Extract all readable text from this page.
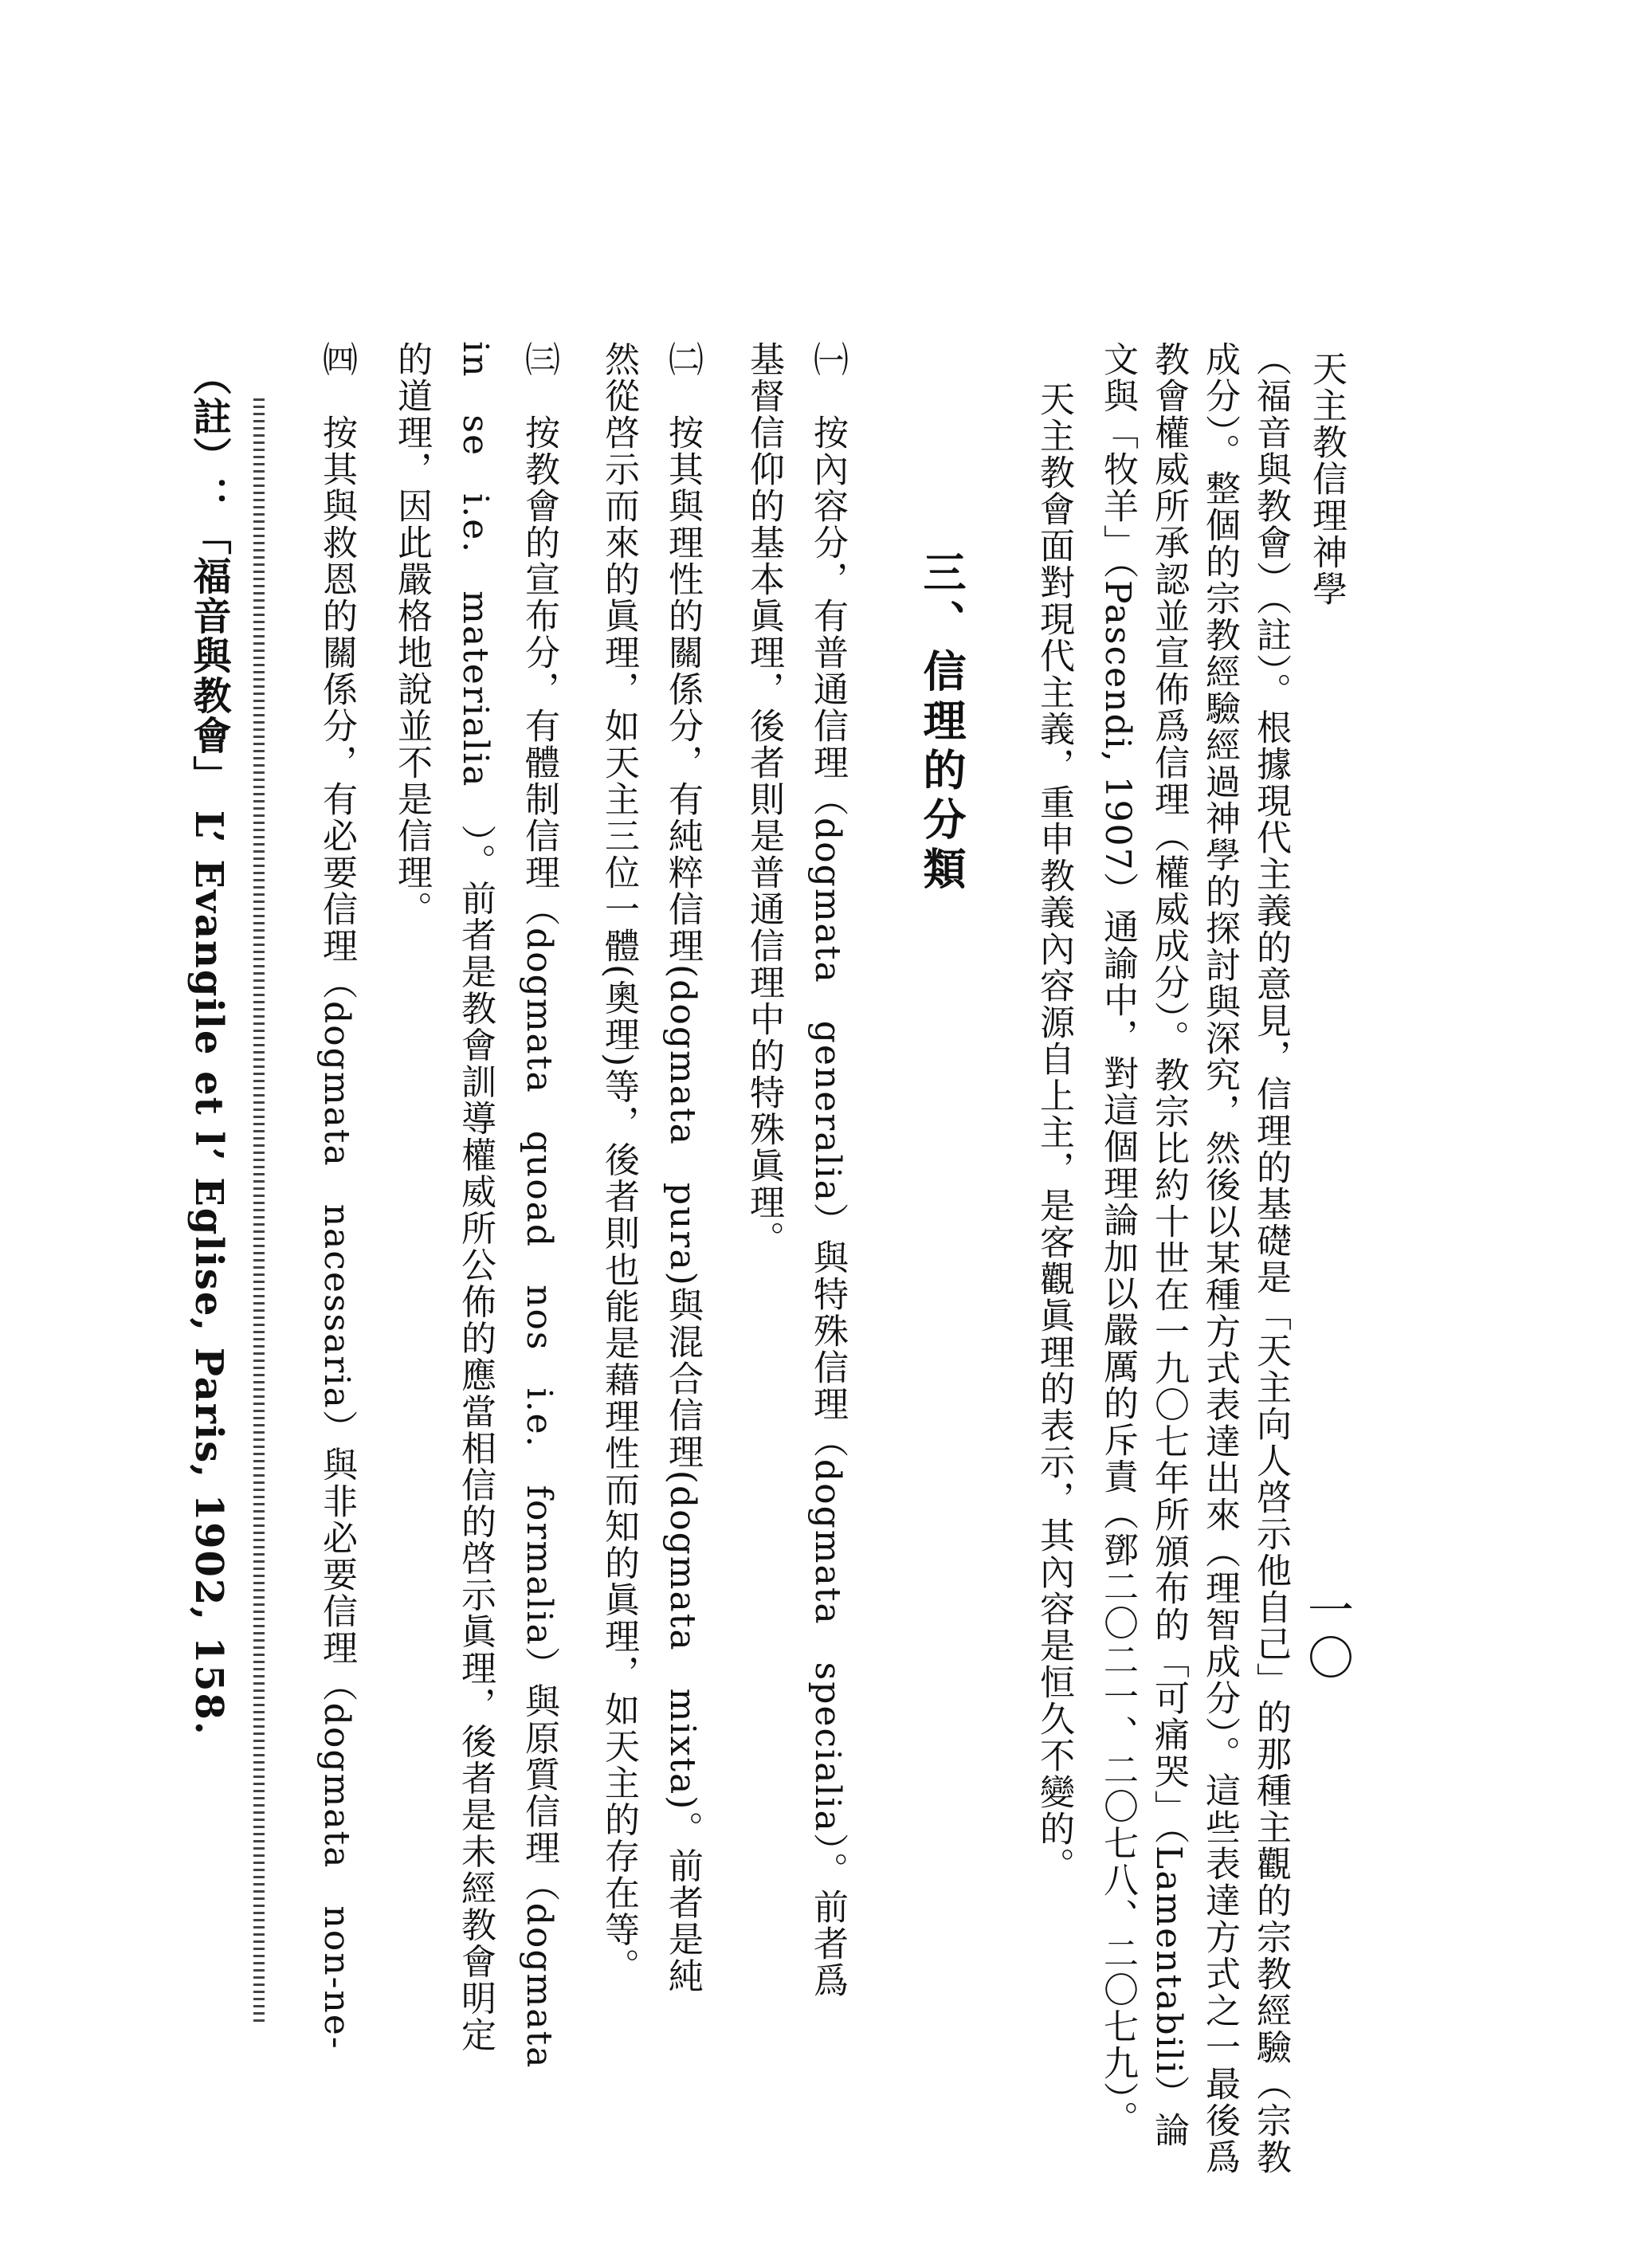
天主教信理神學
一〇
（福音與教會）（註）。根據現代主義的意見，信理的基礎是「天主向人啓示他自己」的那種主觀的宗教經驗（宗教
成分）。整個的宗教經驗經過神學的探討與深究，然後以某種方式表達出來（理智成分）。這些表達方式之一最後爲
教會權威所承認並宣佈爲信理（權威成分）。教宗比約十世在一九〇七年所頒布的「可痛哭」（Lamentabili）論
文與「牧羊」（Pascendi, 1907）通諭中，對這個理論加以嚴厲的斥責（鄧二〇二一、二〇七八、二〇七九）。
天主教會面對現代主義，重申教義內容源自上主，是客觀眞理的表示，其內容是恒久不變的。
三、信理的分類
㈠　按內容分，有普通信理（dogmata　generalia）與特殊信理（dogmata　specialia）。前者爲
基督信仰的基本眞理，後者則是普通信理中的特殊眞理。
㈡　按其與理性的關係分，有純粹信理(dogmata　pura)與混合信理(dogmata　mixta)。前者是純
然從啓示而來的眞理，如天主三位一體(奧理)等，後者則也能是藉理性而知的眞理，如天主的存在等。
㈢　按教會的宣布分，有體制信理（dogmata　quoad　nos　i.e.　formalia）與原質信理（dogmata
in　se　i.e.　materialia　）。前者是教會訓導權威所公佈的應當相信的啓示眞理，後者是未經教會明定
的道理，因此嚴格地說並不是信理。
㈣　按其與救恩的關係分，有必要信理（dogmata　nacessaria）與非必要信理（dogmata　non-ne-
（註）：「福音與教會」 L’ Evangile et l’ Eglise, Paris, 1902, 158.
